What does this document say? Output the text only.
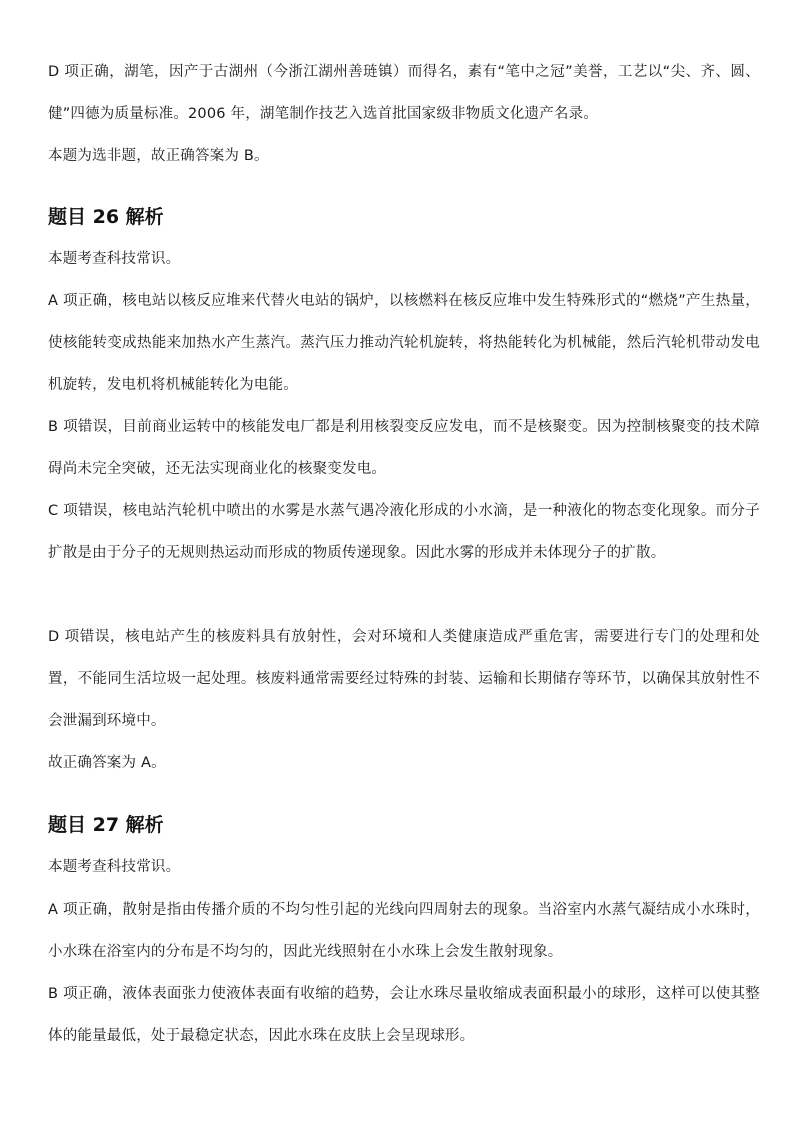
D 项正确，湖笔，因产于古湖州（今浙江湖州善琏镇）而得名，素有“笔中之冠”美誉，工艺以“尖、齐、圆、健”四德为质量标准。2006 年，湖笔制作技艺入选首批国家级非物质文化遗产名录。

本题为选非题，故正确答案为 B。

题目 26 解析

本题考查科技常识。

A 项正确，核电站以核反应堆来代替火电站的锅炉，以核燃料在核反应堆中发生特殊形式的“燃烧”产生热量，使核能转变成热能来加热水产生蒸汽。蒸汽压力推动汽轮机旋转，将热能转化为机械能，然后汽轮机带动发电机旋转，发电机将机械能转化为电能。

B 项错误，目前商业运转中的核能发电厂都是利用核裂变反应发电，而不是核聚变。因为控制核聚变的技术障碍尚未完全突破，还无法实现商业化的核聚变发电。

C 项错误，核电站汽轮机中喷出的水雾是水蒸气遇冷液化形成的小水滴，是一种液化的物态变化现象。而分子扩散是由于分子的无规则热运动而形成的物质传递现象。因此水雾的形成并未体现分子的扩散。

D 项错误，核电站产生的核废料具有放射性，会对环境和人类健康造成严重危害，需要进行专门的处理和处置，不能同生活垃圾一起处理。核废料通常需要经过特殊的封装、运输和长期储存等环节，以确保其放射性不会泄漏到环境中。

故正确答案为 A。

题目 27 解析

本题考查科技常识。

A 项正确，散射是指由传播介质的不均匀性引起的光线向四周射去的现象。当浴室内水蒸气凝结成小水珠时，小水珠在浴室内的分布是不均匀的，因此光线照射在小水珠上会发生散射现象。

B 项正确，液体表面张力使液体表面有收缩的趋势，会让水珠尽量收缩成表面积最小的球形，这样可以使其整体的能量最低，处于最稳定状态，因此水珠在皮肤上会呈现球形。
